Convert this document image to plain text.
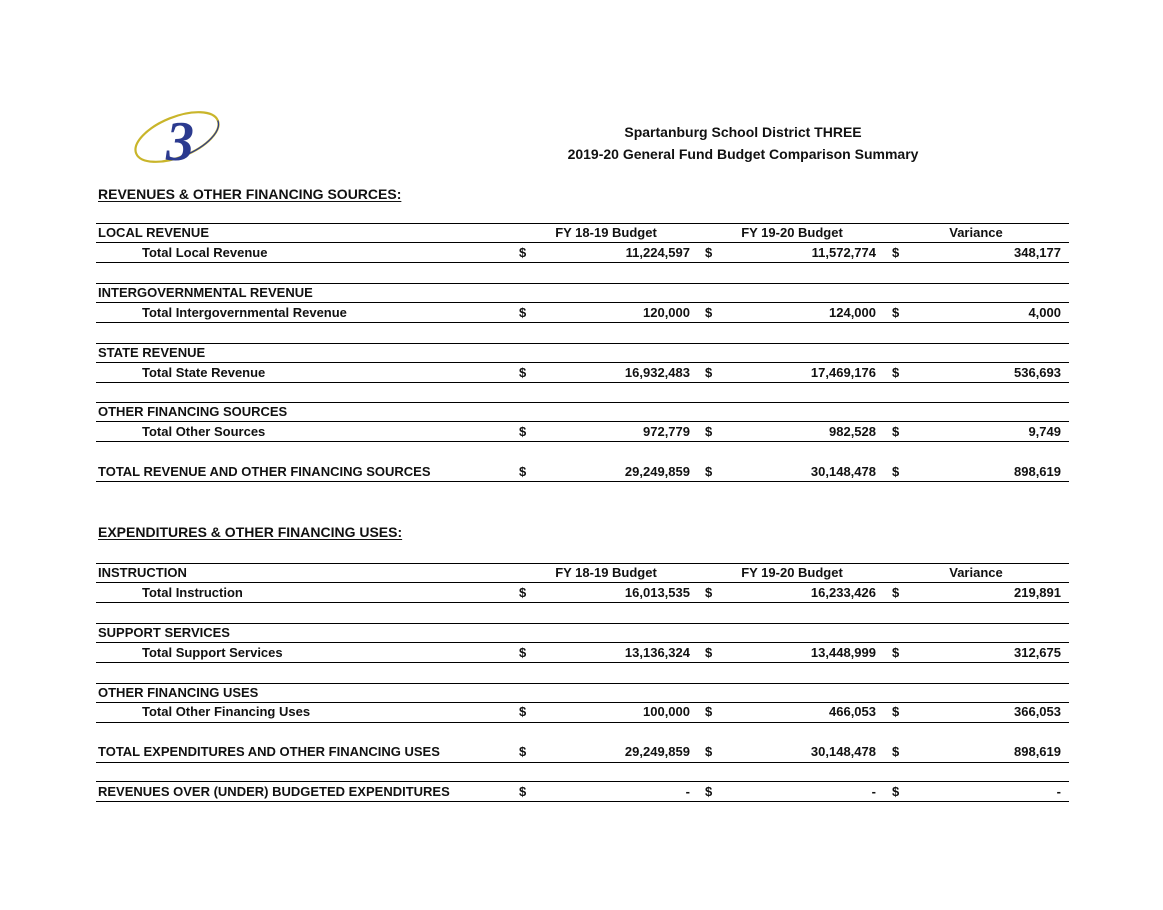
3	Spartanburg School District THREE
2019-20 General Fund Budget Comparison Summary
REVENUES & OTHER FINANCING SOURCES:
FY 18-19 Budget	FY 19-20 Budget	Variance
LOCAL REVENUE
Total Local Revenue	$	11,224,597 $	11,572,774 $	348,177
INTERGOVERNMENTAL REVENUE
Total Intergovernmental Revenue	$	120,000 $	124,000 $	4,000
STATE REVENUE
Total State Revenue	$	16,932,483 $	17,469,176 $	536,693
OTHER FINANCING SOURCES
Total Other Sources	$	972,779 $	982,528 $	9,749
TOTAL REVENUE AND OTHER FINANCING SOURCES	$	29,249,859 $	30,148,478 $	898,619
EXPENDITURES & OTHER FINANCING USES:
FY 18-19 Budget	FY 19-20 Budget	Variance
INSTRUCTION
Total Instruction	$	16,013,535 $	16,233,426 $	219,891
SUPPORT SERVICES
Total Support Services	$	13,136,324 $	13,448,999 $	312,675
OTHER FINANCING USES
Total Other Financing Uses	$	100,000 $	466,053 $	366,053
TOTAL EXPENDITURES AND OTHER FINANCING USES	$	29,249,859 $	30,148,478 $	898,619
REVENUES OVER (UNDER) BUDGETED EXPENDITURES	$	- $	- $	-
